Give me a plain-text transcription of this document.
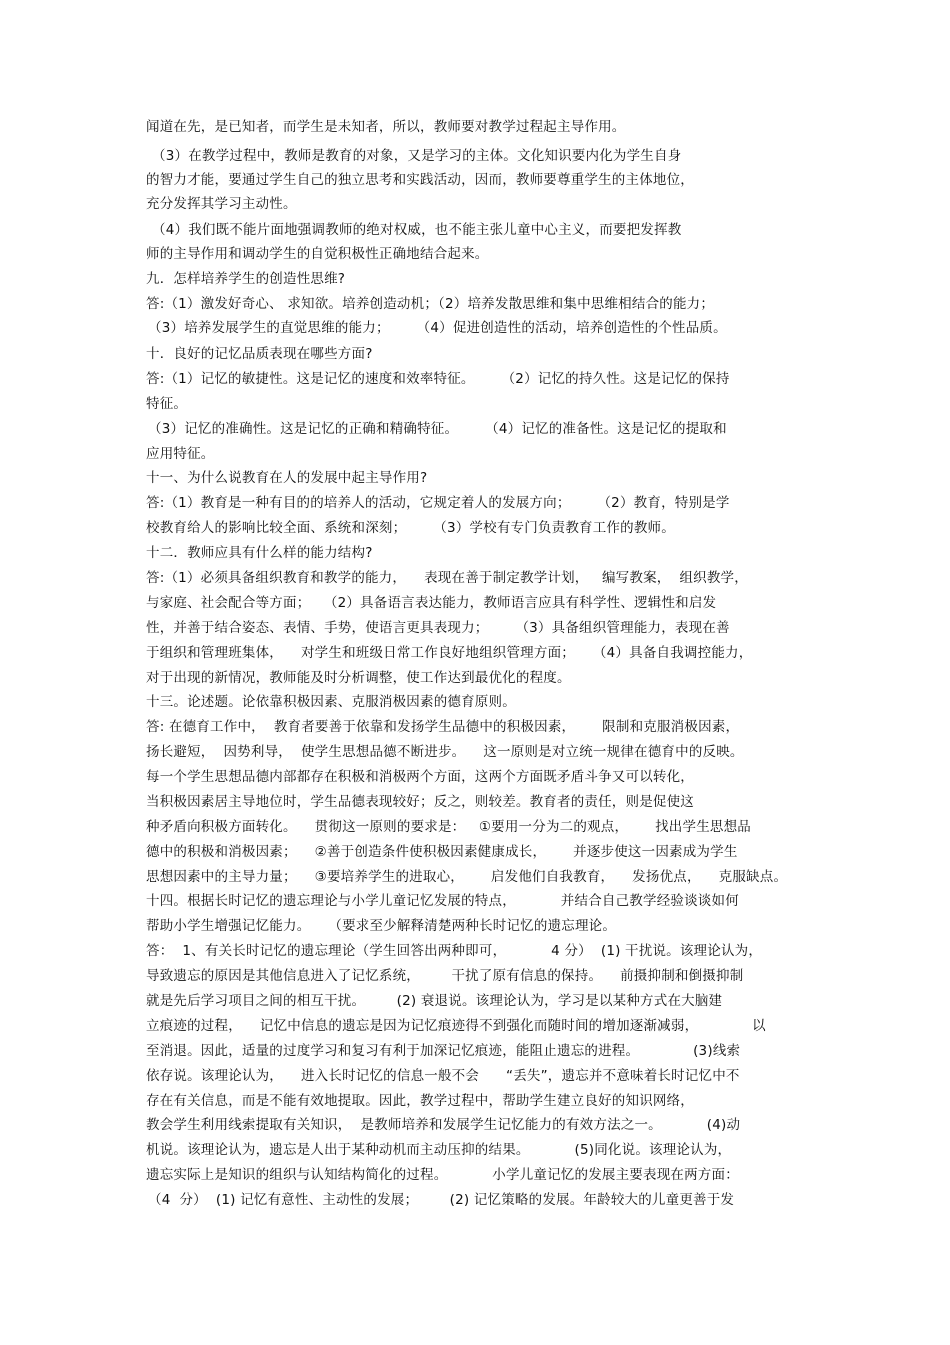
闻道在先，是已知者，而学生是未知者，所以，教师要对教学过程起主导作用。
（3）在教学过程中，教师是教育的对象，又是学习的主体。文化知识要内化为学生自身
的智力才能，要通过学生自己的独立思考和实践活动，因而，教师要尊重学生的主体地位，
充分发挥其学习主动性。
（4）我们既不能片面地强调教师的绝对权威，也不能主张儿童中心主义，而要把发挥教
师的主导作用和调动学生的自觉积极性正确地结合起来。
九．怎样培养学生的创造性思维?
答:（1）激发好奇心、 求知欲。培养创造动机；（2）培养发散思维和集中思维相结合的能力；
（3）培养发展学生的直觉思维的能力；      （4）促进创造性的活动，培养创造性的个性品质。
十．良好的记忆品质表现在哪些方面?
答:（1）记忆的敏捷性。这是记忆的速度和效率特征。      （2）记忆的持久性。这是记忆的保持
特征。
（3）记忆的准确性。这是记忆的正确和精确特征。      （4）记忆的准备性。这是记忆的提取和
应用特征。
十一、为什么说教育在人的发展中起主导作用?
答:（1）教育是一种有目的的培养人的活动，它规定着人的发展方向；      （2）教育，特别是学
校教育给人的影响比较全面、系统和深刻；      （3）学校有专门负责教育工作的教师。
十二．教师应具有什么样的能力结构?
答:（1）必须具备组织教育和教学的能力，    表现在善于制定教学计划，   编写教案，  组织教学，
与家庭、社会配合等方面；   （2）具备语言表达能力，教师语言应具有科学性、逻辑性和启发
性，并善于结合姿态、表情、手势，使语言更具表现力；      （3）具备组织管理能力，表现在善
于组织和管理班集体，    对学生和班级日常工作良好地组织管理方面；    （4）具备自我调控能力，
对于出现的新情况，教师能及时分析调整，使工作达到最优化的程度。
十三。论述题。论依靠积极因素、克服消极因素的德育原则。
答: 在德育工作中，  教育者要善于依靠和发扬学生品德中的积极因素，      限制和克服消极因素，
扬长避短，  因势利导，  使学生思想品德不断进步。    这一原则是对立统一规律在德育中的反映。
每一个学生思想品德内部都存在积极和消极两个方面，这两个方面既矛盾斗争又可以转化，
当积极因素居主导地位时，学生品德表现较好；反之，则较差。教育者的责任，则是促使这
种矛盾向积极方面转化。    贯彻这一原则的要求是：   ①要用一分为二的观点，      找出学生思想品
德中的积极和消极因素；    ②善于创造条件使积极因素健康成长，      并逐步使这一因素成为学生
思想因素中的主导力量；    ③要培养学生的进取心，      启发他们自我教育，    发扬优点，    克服缺点。
十四。根据长时记忆的遗忘理论与小学儿童记忆发展的特点，          并结合自己教学经验谈谈如何
帮助小学生增强记忆能力。    （要求至少解释清楚两种长时记忆的遗忘理论。
答：  1、有关长时记忆的遗忘理论（学生回答出两种即可，          4 分）  (1) 干扰说。该理论认为，
导致遗忘的原因是其他信息进入了记忆系统，       干扰了原有信息的保持。    前摄抑制和倒摄抑制
就是先后学习项目之间的相互干扰。       (2) 衰退说。该理论认为，学习是以某种方式在大脑建
立痕迹的过程，    记忆中信息的遗忘是因为记忆痕迹得不到强化而随时间的增加逐渐减弱，            以
至消退。因此，适量的过度学习和复习有利于加深记忆痕迹，能阻止遗忘的进程。            (3)线索
依存说。该理论认为，    进入长时记忆的信息一般不会      “丢失”，遗忘并不意味着长时记忆中不
存在有关信息，而是不能有效地提取。因此，教学过程中，帮助学生建立良好的知识网络，
教会学生利用线索提取有关知识，  是教师培养和发展学生记忆能力的有效方法之一。          (4)动
机说。该理论认为，遗忘是人出于某种动机而主动压抑的结果。          (5)同化说。该理论认为，
遗忘实际上是知识的组织与认知结构简化的过程。          小学儿童记忆的发展主要表现在两方面：
（4  分）  (1) 记忆有意性、主动性的发展；       (2) 记忆策略的发展。年龄较大的儿童更善于发
